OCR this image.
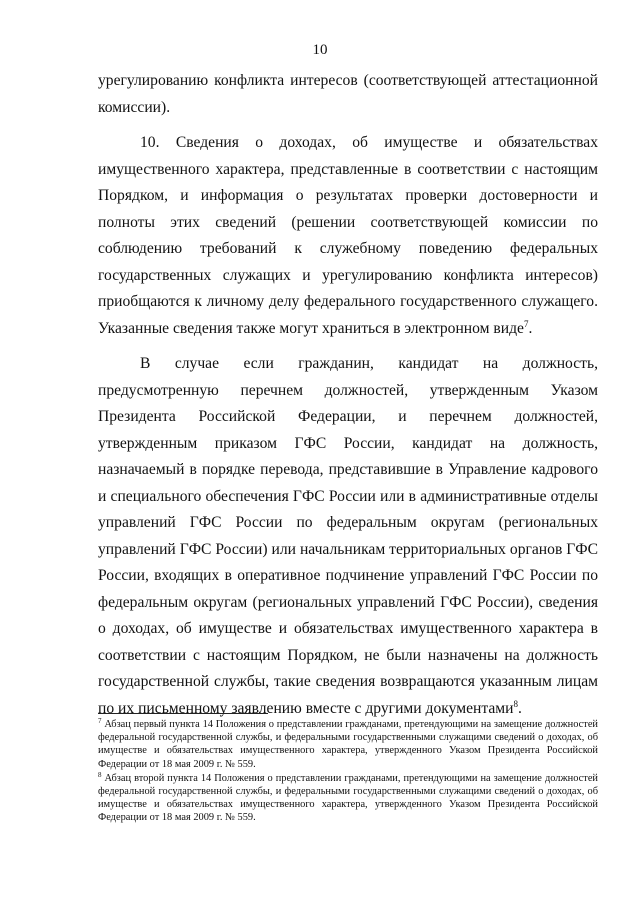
10

урегулированию конфликта интересов (соответствующей аттестационной комиссии).

10. Сведения о доходах, об имуществе и обязательствах имущественного характера, представленные в соответствии с настоящим Порядком, и информация о результатах проверки достоверности и полноты этих сведений (решении соответствующей комиссии по соблюдению требований к служебному поведению федеральных государственных служащих и урегулированию конфликта интересов) приобщаются к личному делу федерального государственного служащего. Указанные сведения также могут храниться в электронном виде$^7$.

В случае если гражданин, кандидат на должность, предусмотренную перечнем должностей, утвержденным Указом Президента Российской Федерации, и перечнем должностей, утвержденным приказом ГФС России, кандидат на должность, назначаемый в порядке перевода, представившие в Управление кадрового и специального обеспечения ГФС России или в административные отделы управлений ГФС России по федеральным округам (региональных управлений ГФС России) или начальникам территориальных органов ГФС России, входящих в оперативное подчинение управлений ГФС России по федеральным округам (региональных управлений ГФС России), сведения о доходах, об имуществе и обязательствах имущественного характера в соответствии с настоящим Порядком, не были назначены на должность государственной службы, такие сведения возвращаются указанным лицам по их письменному заявлению вместе с другими документами$^8$.

$^7$ Абзац первый пункта 14 Положения о представлении гражданами, претендующими на замещение должностей федеральной государственной службы, и федеральными государственными служащими сведений о доходах, об имуществе и обязательствах имущественного характера, утвержденного Указом Президента Российской Федерации от 18 мая 2009 г. № 559.
$^8$ Абзац второй пункта 14 Положения о представлении гражданами, претендующими на замещение должностей федеральной государственной службы, и федеральными государственными служащими сведений о доходах, об имуществе и обязательствах имущественного характера, утвержденного Указом Президента Российской Федерации от 18 мая 2009 г. № 559.
